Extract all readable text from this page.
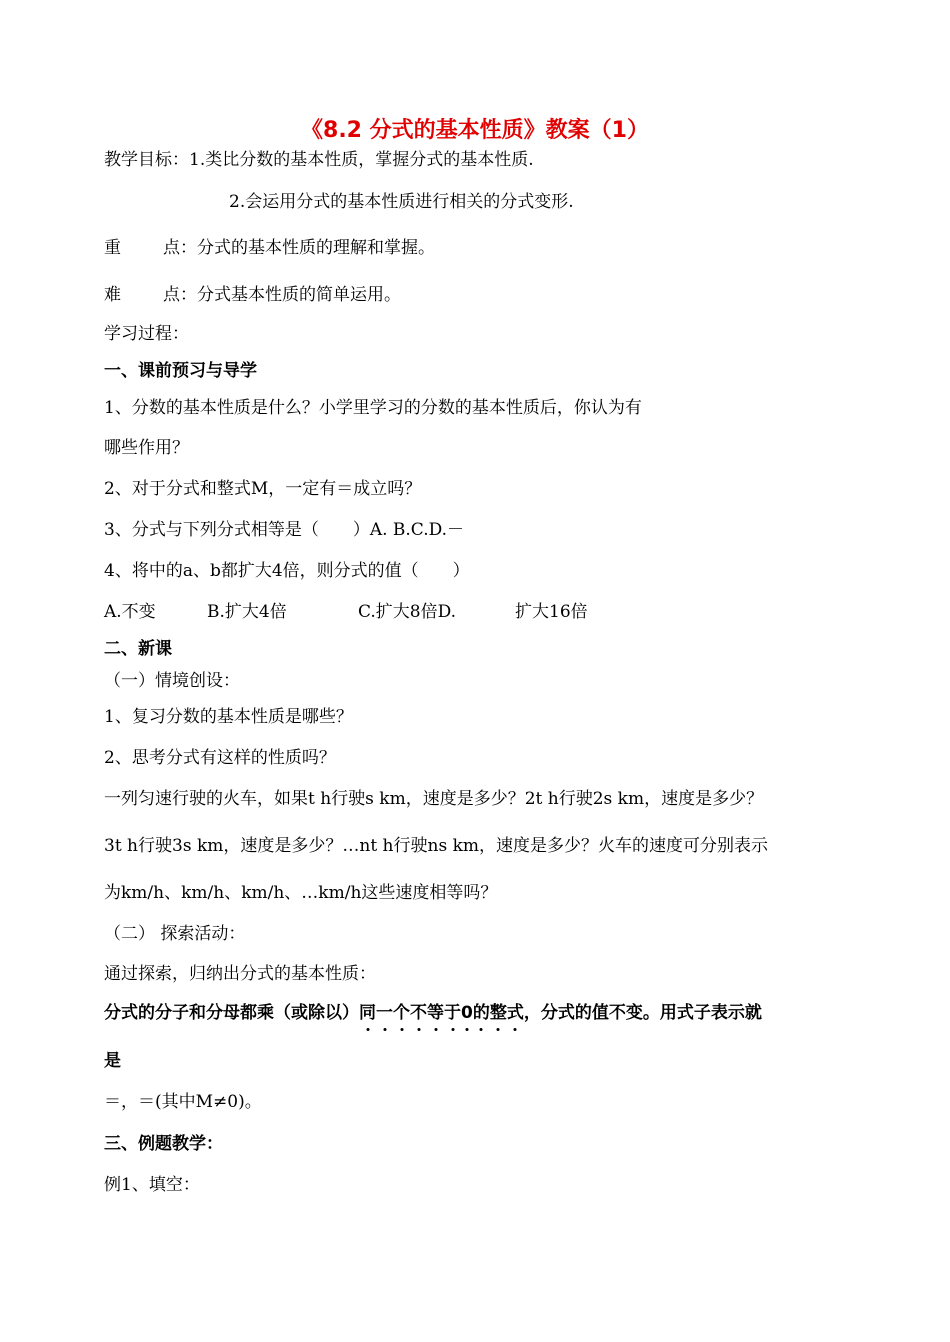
《8.2 分式的基本性质》教案（1）
教学目标：1.类比分数的基本性质，掌握分式的基本性质.
2.会运用分式的基本性质进行相关的分式变形.
重 点：分式的基本性质的理解和掌握。
难 点：分式基本性质的简单运用。
学习过程：
一、课前预习与导学
1、分数的基本性质是什么？小学里学习的分数的基本性质后，你认为有
哪些作用？
2、对于分式和整式M，一定有＝成立吗？
3、分式与下列分式相等是（　　）A. B.C.D.－
4、将中的a、b都扩大4倍，则分式的值（　　）
A.不变	B.扩大4倍	C.扩大8倍D.	扩大16倍
二、新课
（一）情境创设：
1、复习分数的基本性质是哪些？
2、思考分式有这样的性质吗？
一列匀速行驶的火车，如果t h行驶s km，速度是多少？2t h行驶2s km，速度是多少？
3t h行驶3s km，速度是多少？…nt h行驶ns km，速度是多少？火车的速度可分别表示
为km/h、km/h、km/h、…km/h这些速度相等吗？
（二） 探索活动：
通过探索，归纳出分式的基本性质：
分式的分子和分母都乘（或除以）同一个不等于0的整式，分式的值不变。用式子表示就
是
＝，＝(其中M≠0)。
三、例题教学：
例1、填空：
